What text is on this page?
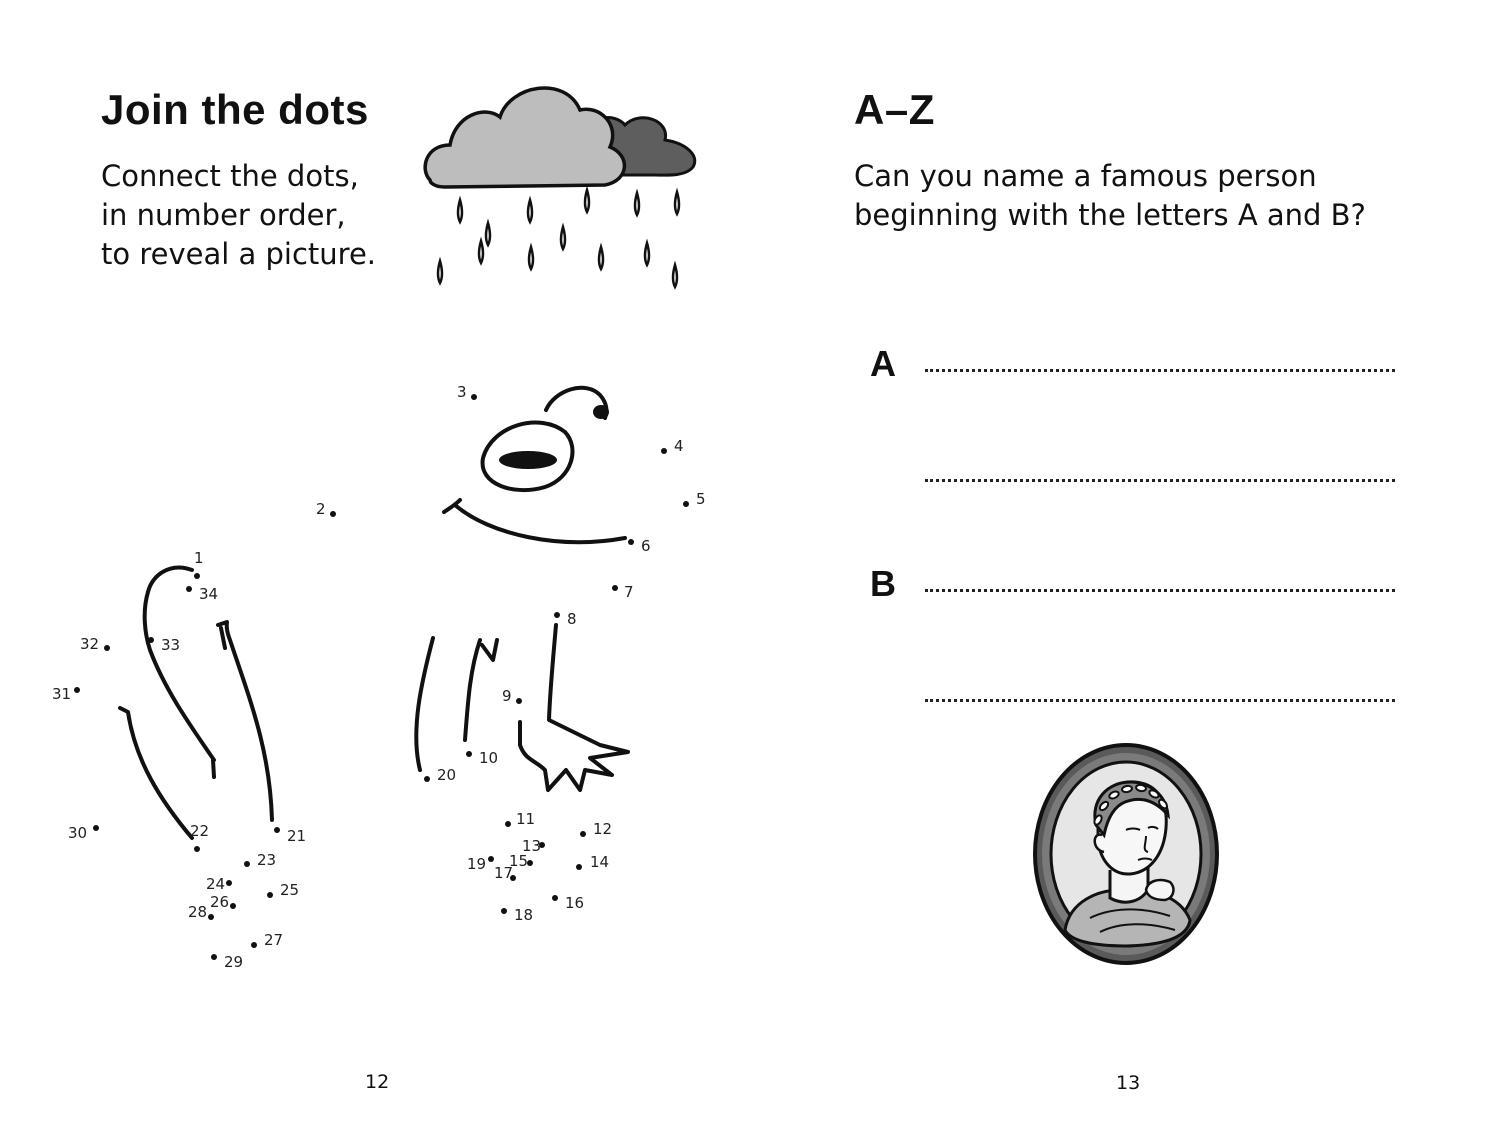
Join the dots

Connect the dots,
in number order,
to reveal a picture.

1
2
3
4
5
6
7
8
9
10
11
12
13
14
15
16
17
18
19
20
21
22
23
24	25
26
27
28
29
30
31
32	33
34
12
A–Z

Can you name a famous person
beginning with the letters A and B?

A
B
13
